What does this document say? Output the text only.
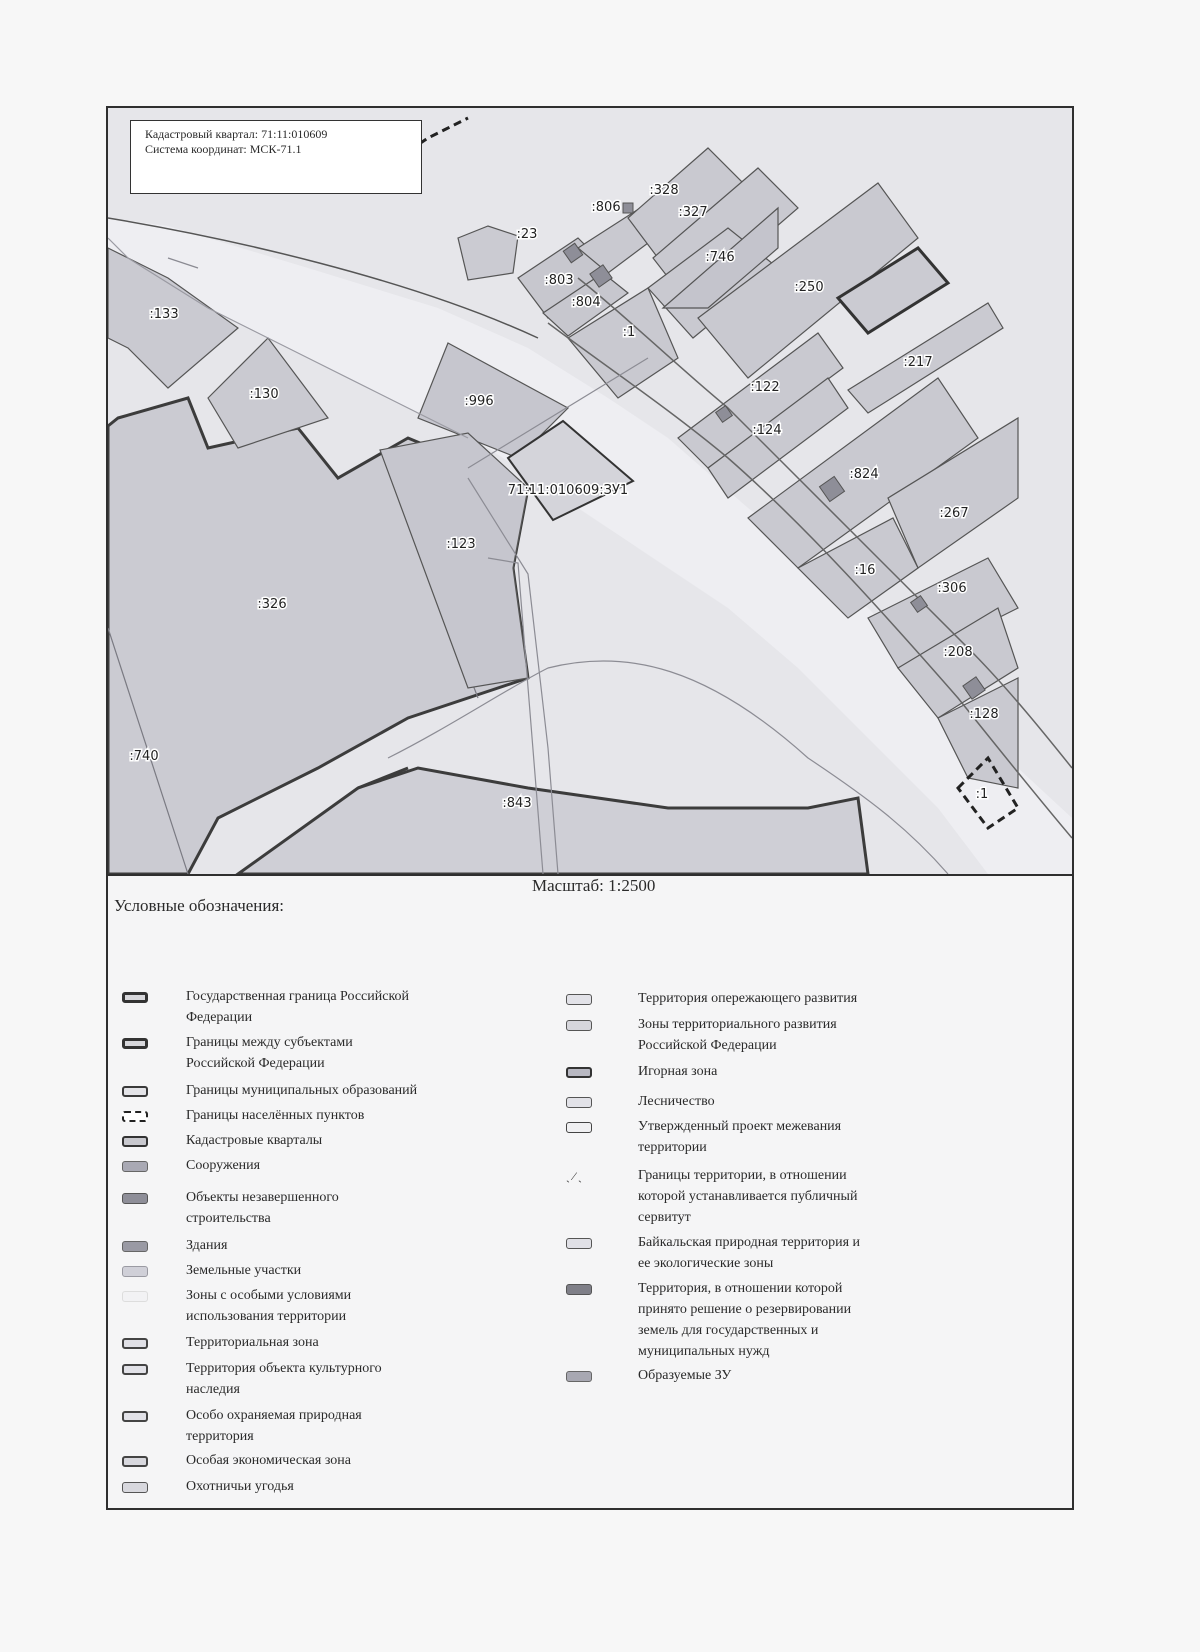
:806
:328
:327
:23
:803
:804
:746
:250
:1
:133
:130	:996
:217
:122
:124
71:11:010609:ЗУ1
:824
:123
:267
:16
:326
:306
:208
:128
:740
:843
:1
Кадастровый квартал: 71:11:010609
Система координат: МСК-71.1
Масштаб: 1:2500
Условные обозначения:
Государственная граница Российской
Федерации
Границы между субъектами
Российской Федерации
Границы муниципальных образований
Границы населённых пунктов
Кадастровые кварталы
Сооружения
Объекты незавершенного
строительства
Здания
Земельные участки
Зоны с особыми условиями
использования территории
Территориальная зона
Территория объекта культурного
наследия
Особо охраняемая природная
территория
Особая экономическая зона
Охотничьи угодья
Территория опережающего развития
Зоны территориального развития
Российской Федерации
Игорная зона
Лесничество
Утвержденный проект межевания
территории
ˏ ⁄ ˎ	Границы территории, в отношении
которой устанавливается публичный
сервитут
Байкальская природная территория и
ее экологические зоны
Территория, в отношении которой
принято решение о резервировании
земель для государственных и
муниципальных нужд
Образуемые ЗУ
